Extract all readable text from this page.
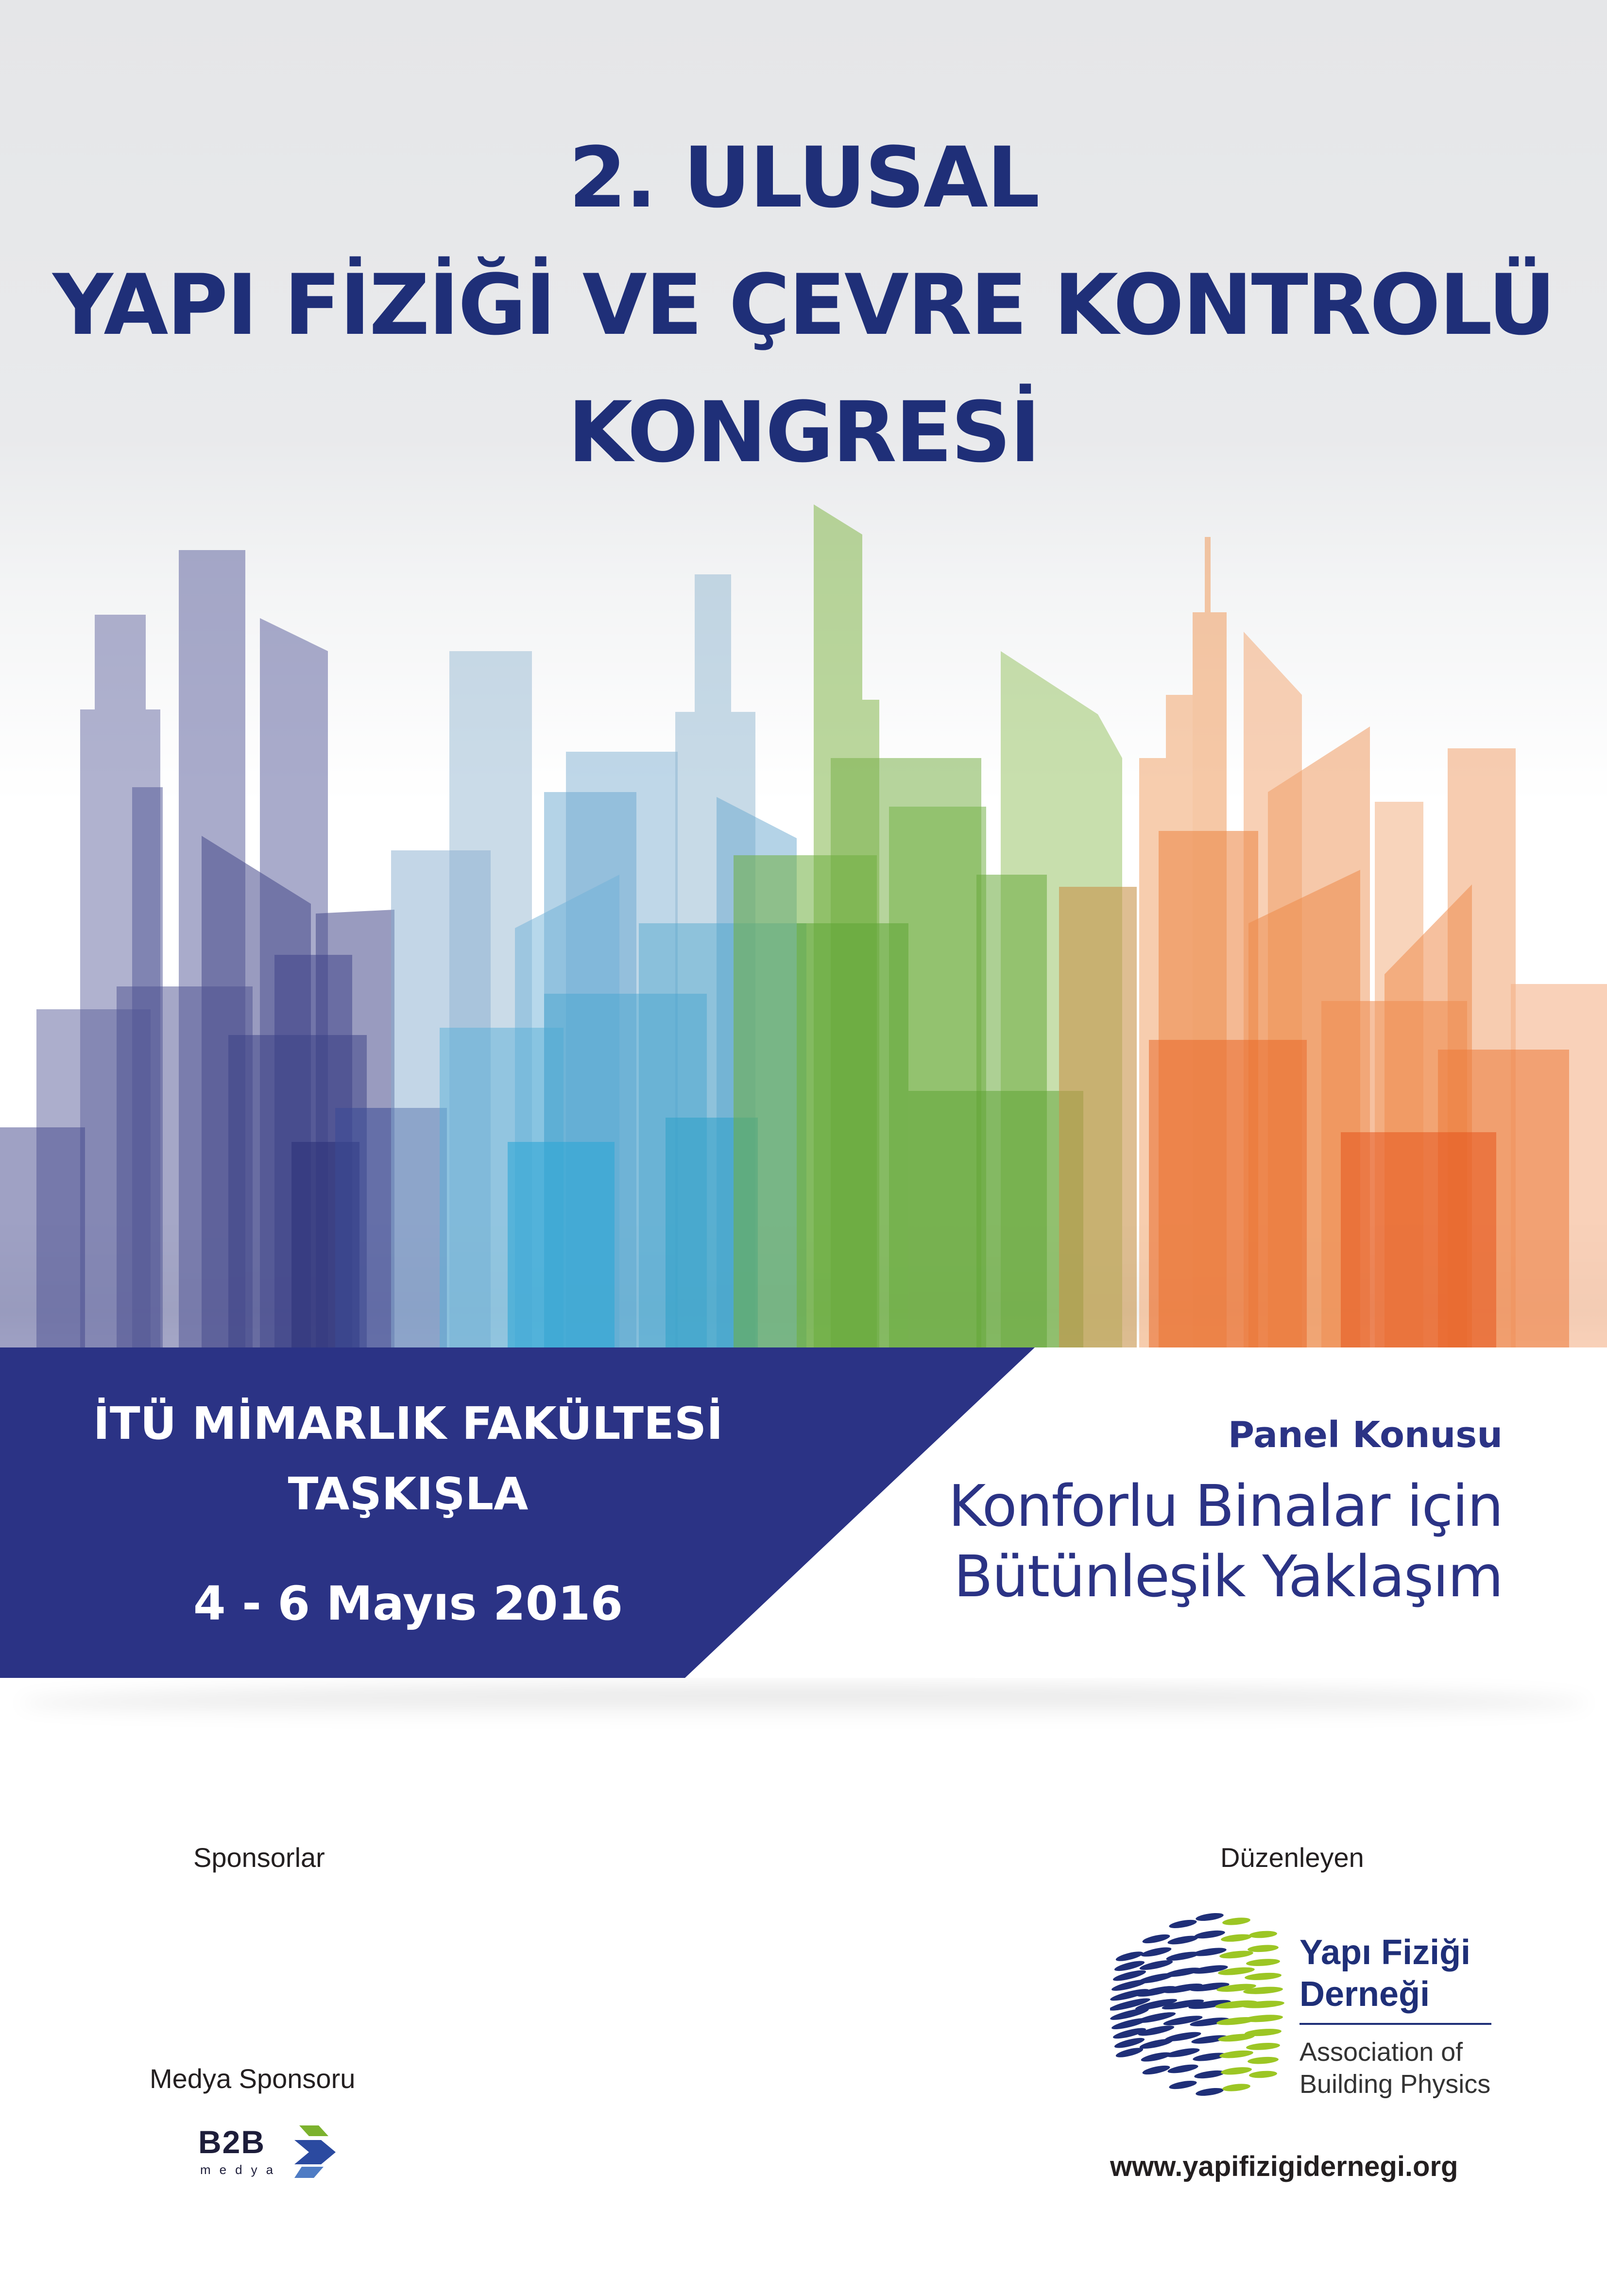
2. ULUSAL
YAPI FİZİĞİ VE ÇEVRE KONTROLÜ
KONGRESİ
İTÜ MİMARLIK FAKÜLTESİ
TAŞKIŞLA
4 - 6 Mayıs 2016
Panel Konusu
Konforlu Binalar için
Bütünleşik Yaklaşım
Sponsorlar	Düzenleyen
Medya Sponsoru
B2B
medya
Yapı Fiziği
Derneği
Association of
Building Physics
www.yapifizigidernegi.org
